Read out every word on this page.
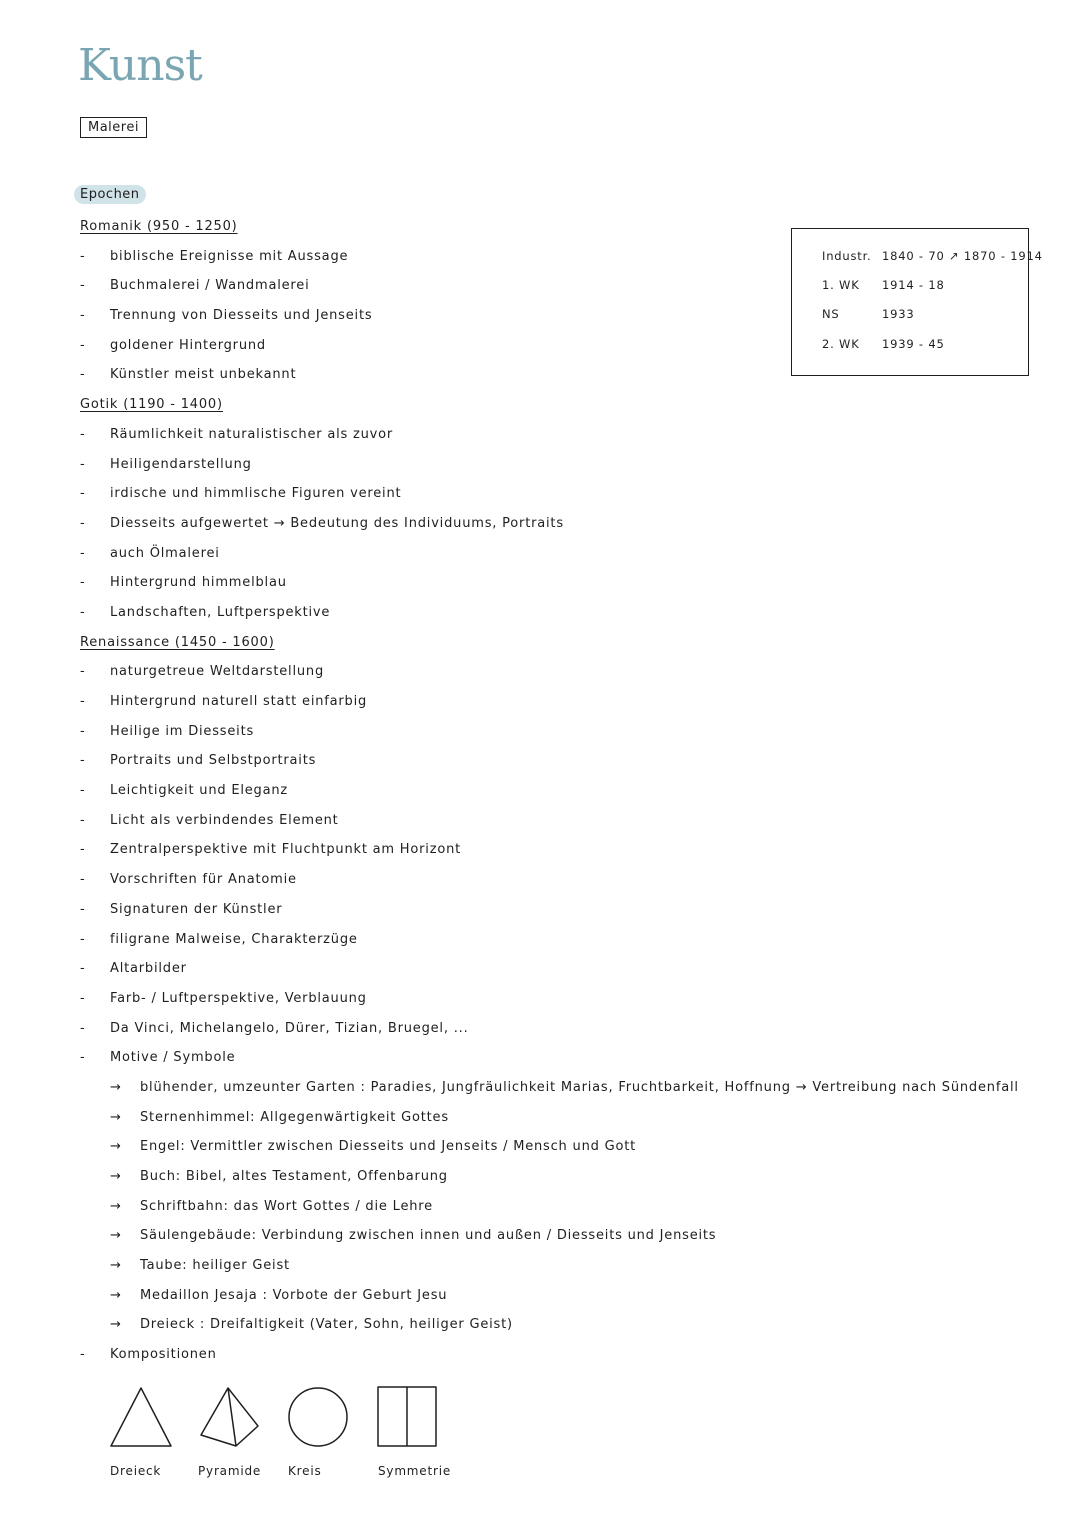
Kunst
Malerei
Epochen
Romanik (950 - 1250)
- biblische Ereignisse mit Aussage
- Buchmalerei / Wandmalerei
- Trennung von Diesseits und Jenseits
- goldener Hintergrund
- Künstler meist unbekannt
Gotik (1190 - 1400)
- Räumlichkeit naturalistischer als zuvor
- Heiligendarstellung
- irdische und himmlische Figuren vereint
- Diesseits aufgewertet → Bedeutung des Individuums, Portraits
- auch Ölmalerei
- Hintergrund himmelblau
- Landschaften, Luftperspektive
Renaissance (1450 - 1600)
- naturgetreue Weltdarstellung
- Hintergrund naturell statt einfarbig
- Heilige im Diesseits
- Portraits und Selbstportraits
- Leichtigkeit und Eleganz
- Licht als verbindendes Element
- Zentralperspektive mit Fluchtpunkt am Horizont
- Vorschriften für Anatomie
- Signaturen der Künstler
- filigrane Malweise, Charakterzüge
- Altarbilder
- Farb- / Luftperspektive, Verblauung
- Da Vinci, Michelangelo, Dürer, Tizian, Bruegel, ...
- Motive / Symbole
→ blühender, umzeunter Garten : Paradies, Jungfräulichkeit Marias, Fruchtbarkeit, Hoffnung → Vertreibung nach Sündenfall
→ Sternenhimmel: Allgegenwärtigkeit Gottes
→ Engel: Vermittler zwischen Diesseits und Jenseits / Mensch und Gott
→ Buch: Bibel, altes Testament, Offenbarung
→ Schriftbahn: das Wort Gottes / die Lehre
→ Säulengebäude: Verbindung zwischen innen und außen / Diesseits und Jenseits
→ Taube: heiliger Geist
→ Medaillon Jesaja : Vorbote der Geburt Jesu
→ Dreieck : Dreifaltigkeit (Vater, Sohn, heiliger Geist)
- Kompositionen
Industr. 1840 - 70 ↗ 1870 - 1914
1. WK 1914 - 18
NS	1933
2. WK 1939 - 45
Dreieck	Pyramide Kreis	Symmetrie
